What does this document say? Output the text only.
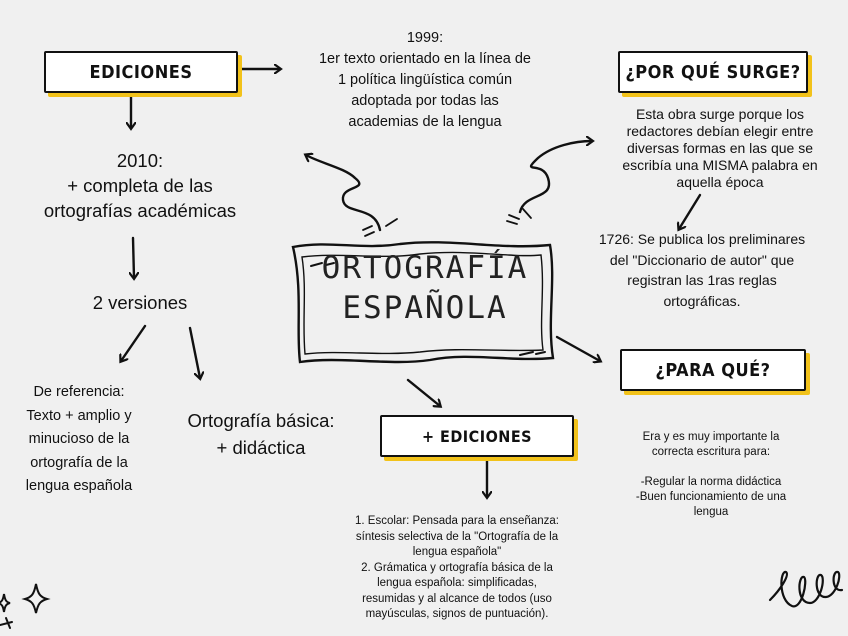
EDICIONES	¿POR QUÉ SURGE?
¿PARA QUÉ?
+ EDICIONES
ORTOGRAFÍA
ESPAÑOLA
1999:
1er texto orientado en la línea de
1 política lingüística común
adoptada por todas las
academias de la lengua
2010:
+ completa de las
ortografías académicas
2 versiones
De referencia:
Texto + amplio y
minucioso de la
ortografía de la
lengua española
Ortografía básica:
+ didáctica
Esta obra surge porque los
redactores debían elegir entre
diversas formas en las que se
escribía una MISMA palabra en
aquella época
1726: Se publica los preliminares
del "Diccionario de autor" que
registran las 1ras reglas
ortográficas.
Era y es muy importante la
correcta escritura para:
-Regular la norma didáctica
-Buen funcionamiento de una
lengua
1. Escolar: Pensada para la enseñanza:
síntesis selectiva de la "Ortografía de la
lengua española"
2. Grámatica y ortografía básica de la
lengua española: simplificadas,
resumidas y al alcance de todos (uso
mayúsculas, signos de puntuación).
